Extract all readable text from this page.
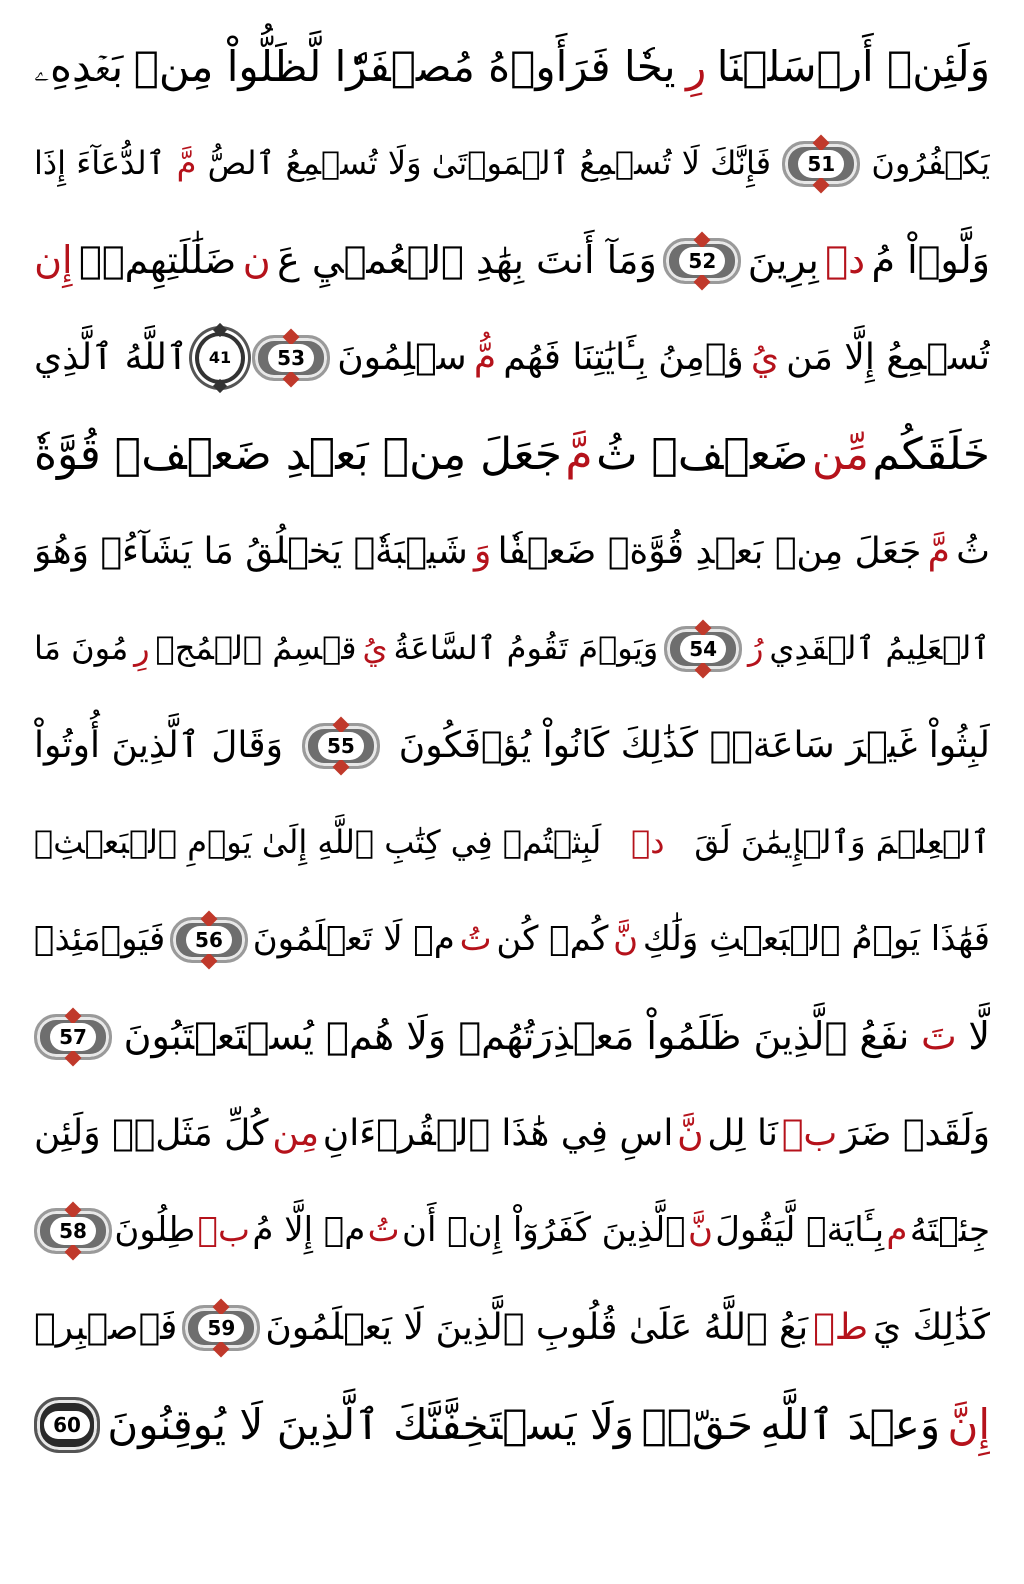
وَلَئِنۡ أَرۡسَلۡنَا
رِ
يحٗا فَرَأَوۡهُ مُصۡفَرّٗا لَّظَلُّواْ مِنۢ
بَعۡدِهِۦ
يَكۡفُرُونَ
51
فَإِنَّكَ لَا تُسۡمِعُ ٱلۡمَوۡتَىٰ وَلَا تُسۡمِعُ ٱلصُّ
مَّ
ٱلدُّعَآءَ إِذَا
وَلَّوۡاْ مُ
دۡ
بِرِينَ
52
وَمَآ أَنتَ بِهَٰدِ ٱلۡعُمۡيِ عَ
ن
ضَلَٰلَتِهِمۡۖ
إِن
تُسۡمِعُ إِلَّا مَن
يُ
ؤۡمِنُ بِـَٔايَٰتِنَا فَهُم
مُّ
سۡلِمُونَ
53
41
ٱللَّهُ ٱلَّذِي
خَلَقَكُم
مِّن
ضَعۡفٖ ثُ
مَّ
جَعَلَ مِنۢ بَعۡدِ ضَعۡفٖ قُوَّةٗ
ثُ
مَّ
جَعَلَ مِنۢ بَعۡدِ قُوَّةٖ ضَعۡفٗا
وَ
شَيۡبَةٗۚ يَخۡلُقُ مَا يَشَآءُۖ وَهُوَ
ٱلۡعَلِيمُ ٱلۡقَدِي
رُ
54
وَيَوۡمَ تَقُومُ ٱلسَّاعَةُ
يُ
قۡسِمُ ٱلۡمُجۡ
رِ
مُونَ مَا
لَبِثُواْ غَيۡرَ سَاعَةٖۚ كَذَٰلِكَ كَانُواْ يُؤۡفَكُونَ
55
وَقَالَ ٱلَّذِينَ أُوتُواْ
ٱلۡعِلۡمَ وَٱلۡإِيمَٰنَ لَقَ
دۡ
لَبِثۡتُمۡ فِي كِتَٰبِ ٱللَّهِ إِلَىٰ يَوۡمِ ٱلۡبَعۡثِۖ
فَهَٰذَا يَوۡمُ ٱلۡبَعۡثِ وَلَٰكِ
نَّ
كُمۡ كُن
تُ
مۡ لَا تَعۡلَمُونَ
56
فَيَوۡمَئِذٖ
لَّا
تَ
نفَعُ ٱلَّذِينَ ظَلَمُواْ مَعۡذِرَتُهُمۡ وَلَا هُمۡ يُسۡتَعۡتَبُونَ
57
وَلَقَدۡ ضَرَ
بۡ
نَا لِل
نَّ
اسِ فِي هَٰذَا ٱلۡقُرۡءَانِ
مِن
كُلِّ مَثَلٖۚ وَلَئِن
جِئۡتَهُ
م
بِـَٔايَةٖ لَّيَقُولَ
نَّ
ٱلَّذِينَ كَفَرُوٓاْ إِنۡ أَن
تُ
مۡ إِلَّا مُ
بۡ
طِلُونَ
58
كَذَٰلِكَ يَ
طۡ
بَعُ ٱللَّهُ عَلَىٰ قُلُوبِ ٱلَّذِينَ لَا يَعۡلَمُونَ
59
فَٱصۡبِرۡ
إِنَّ
وَعۡدَ ٱللَّهِ
حَقّٞۖ
وَلَا يَسۡتَخِفَّنَّكَ ٱلَّذِينَ لَا يُوقِنُونَ
60
